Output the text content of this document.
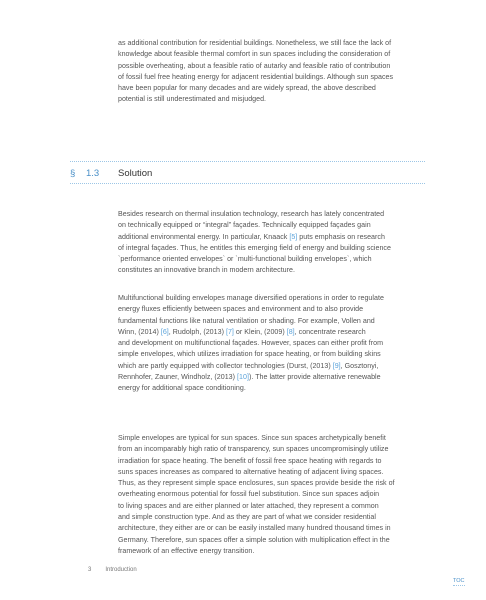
as additional contribution for residential buildings. Nonetheless, we still face the lack of
knowledge about feasible thermal comfort in sun spaces including the consideration of
possible overheating, about a feasible ratio of autarky and feasible ratio of contribution
of fossil fuel free heating energy for adjacent residential buildings. Although sun spaces
have been popular for many decades and are widely spread, the above described
potential is still underestimated and misjudged.

§	1.3	Solution

Besides research on thermal insulation technology, research has lately concentrated
on technically equipped or “integral” façades. Technically equipped façades gain
additional environmental energy. In particular, Knaack [5] puts emphasis on research
of integral façades. Thus, he entitles this emerging field of energy and building science
`performance oriented envelopes` or `multi-functional building envelopes`, which
constitutes an innovative branch in modern architecture.

Multifunctional building envelopes manage diversified operations in order to regulate
energy fluxes efficiently between spaces and environment and to also provide
fundamental functions like natural ventilation or shading. For example, Vollen and
Winn, (2014) [6], Rudolph, (2013) [7] or Klein, (2009) [8], concentrate research
and development on multifunctional façades. However, spaces can either profit from
simple envelopes, which utilizes irradiation for space heating, or from building skins
which are partly equipped with collector technologies (Durst, (2013) [9], Gosztonyi,
Rennhofer, Zauner, Windholz, (2013) [10]). The latter provide alternative renewable
energy for additional space conditioning.

Simple envelopes are typical for sun spaces. Since sun spaces archetypically benefit
from an incomparably high ratio of transparency, sun spaces uncompromisingly utilize
irradiation for space heating. The benefit of fossil free space heating with regards to
suns spaces increases as compared to alternative heating of adjacent living spaces.
Thus, as they represent simple space enclosures, sun spaces provide beside the risk of
overheating enormous potential for fossil fuel substitution. Since sun spaces adjoin
to living spaces and are either planned or later attached, they represent a common
and simple construction type. And as they are part of what we consider residential
architecture, they either are or can be easily installed many hundred thousand times in
Germany. Therefore, sun spaces offer a simple solution with multiplication effect in the
framework of an effective energy transition.

3 Introduction
TOC
